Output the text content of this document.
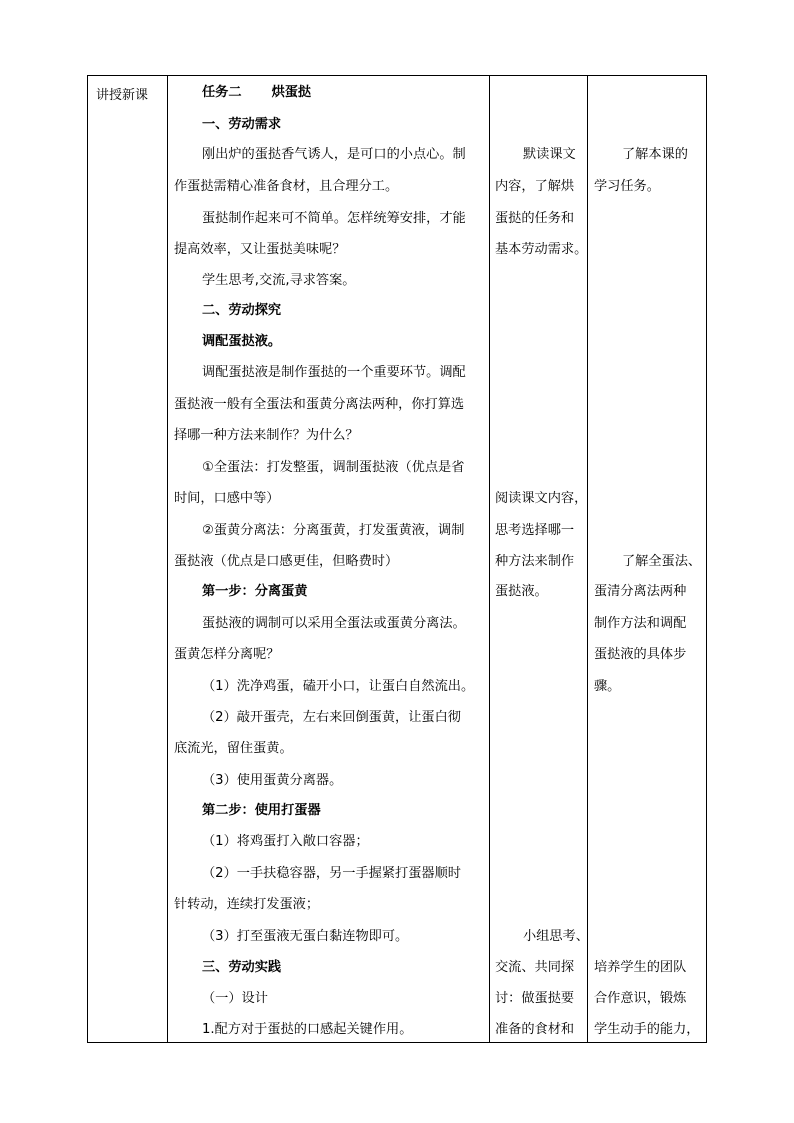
讲授新课	任务二 烘蛋挞

一、劳动需求

刚出炉的蛋挞香气诱人，是可口的小点心。制

作蛋挞需精心准备食材，且合理分工。

蛋挞制作起来可不简单。怎样统筹安排，才能

提高效率，又让蛋挞美味呢？

学生思考,交流,寻求答案。

二、劳动探究

调配蛋挞液。

调配蛋挞液是制作蛋挞的一个重要环节。调配

蛋挞液一般有全蛋法和蛋黄分离法两种，你打算选

择哪一种方法来制作？为什么？

①全蛋法：打发整蛋，调制蛋挞液（优点是省

时间，口感中等）

②蛋黄分离法：分离蛋黄，打发蛋黄液，调制

蛋挞液（优点是口感更佳，但略费时）

第一步：分离蛋黄

蛋挞液的调制可以采用全蛋法或蛋黄分离法。

蛋黄怎样分离呢？

（1）洗净鸡蛋，磕开小口，让蛋白自然流出。

（2）敲开蛋壳，左右来回倒蛋黄，让蛋白彻

底流光，留住蛋黄。

（3）使用蛋黄分离器。

第二步：使用打蛋器

（1）将鸡蛋打入敞口容器；

（2）一手扶稳容器，另一手握紧打蛋器顺时

针转动，连续打发蛋液；

（3）打至蛋液无蛋白黏连物即可。

三、劳动实践

（一）设计

1.配方对于蛋挞的口感起关键作用。

默读课文

内容，了解烘

蛋挞的任务和

基本劳动需求。

阅读课文内容，

思考选择哪一

种方法来制作

蛋挞液。

小组思考、

交流、共同探

讨：做蛋挞要

准备的食材和

了解本课的

学习任务。

了解全蛋法、

蛋清分离法两种

制作方法和调配

蛋挞液的具体步

骤。

培养学生的团队

合作意识，锻炼

学生动手的能力，
